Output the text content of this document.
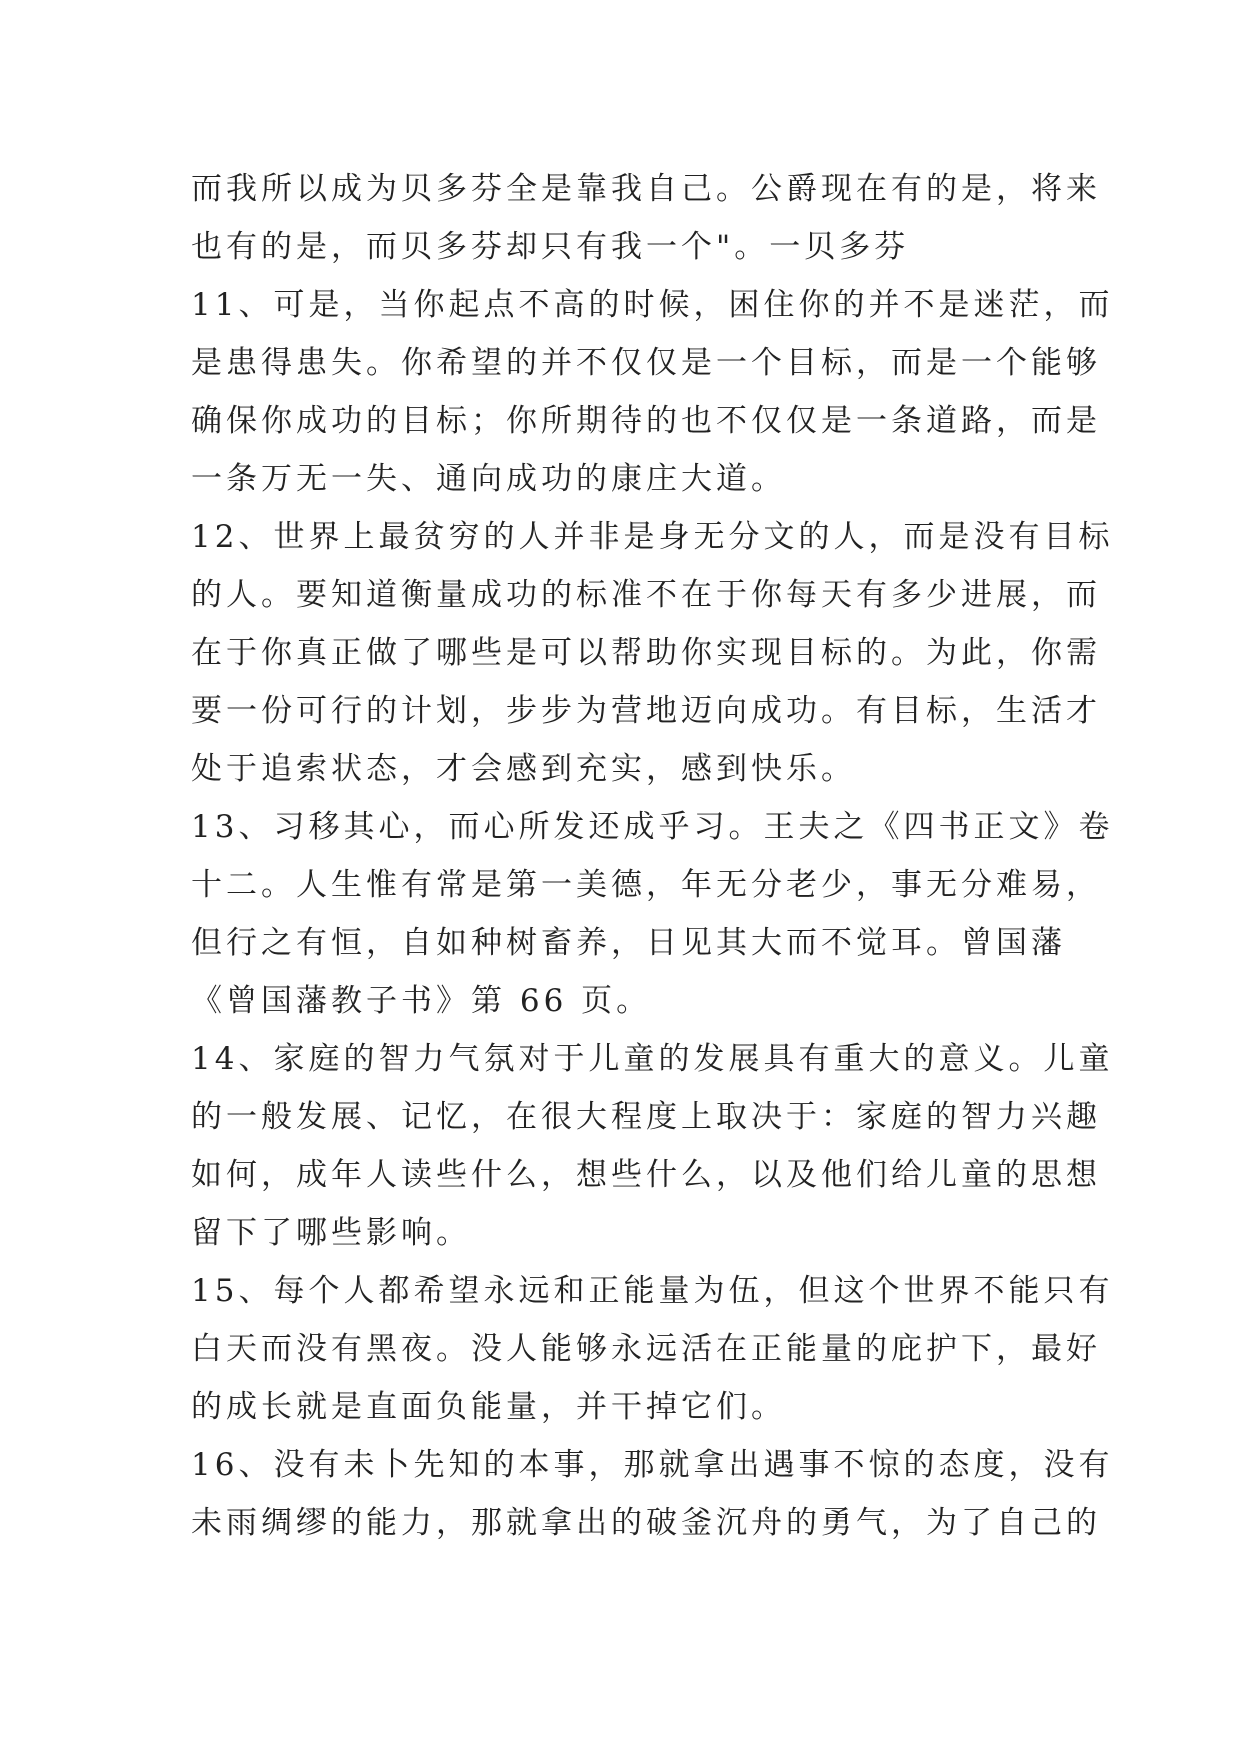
而我所以成为贝多芬全是靠我自己。公爵现在有的是，将来
也有的是，而贝多芬却只有我一个"。一贝多芬
11、可是，当你起点不高的时候，困住你的并不是迷茫，而
是患得患失。你希望的并不仅仅是一个目标，而是一个能够
确保你成功的目标；你所期待的也不仅仅是一条道路，而是
一条万无一失、通向成功的康庄大道。
12、世界上最贫穷的人并非是身无分文的人，而是没有目标
的人。要知道衡量成功的标准不在于你每天有多少进展，而
在于你真正做了哪些是可以帮助你实现目标的。为此，你需
要一份可行的计划，步步为营地迈向成功。有目标，生活才
处于追索状态，才会感到充实，感到快乐。
13、习移其心，而心所发还成乎习。王夫之《四书正文》卷
十二。人生惟有常是第一美德，年无分老少，事无分难易，
但行之有恒，自如种树畜养，日见其大而不觉耳。曾国藩
《曾国藩教子书》第 66 页。
14、家庭的智力气氛对于儿童的发展具有重大的意义。儿童
的一般发展、记忆，在很大程度上取决于：家庭的智力兴趣
如何，成年人读些什么，想些什么，以及他们给儿童的思想
留下了哪些影响。
15、每个人都希望永远和正能量为伍，但这个世界不能只有
白天而没有黑夜。没人能够永远活在正能量的庇护下，最好
的成长就是直面负能量，并干掉它们。
16、没有未卜先知的本事，那就拿出遇事不惊的态度，没有
未雨绸缪的能力，那就拿出的破釜沉舟的勇气，为了自己的
